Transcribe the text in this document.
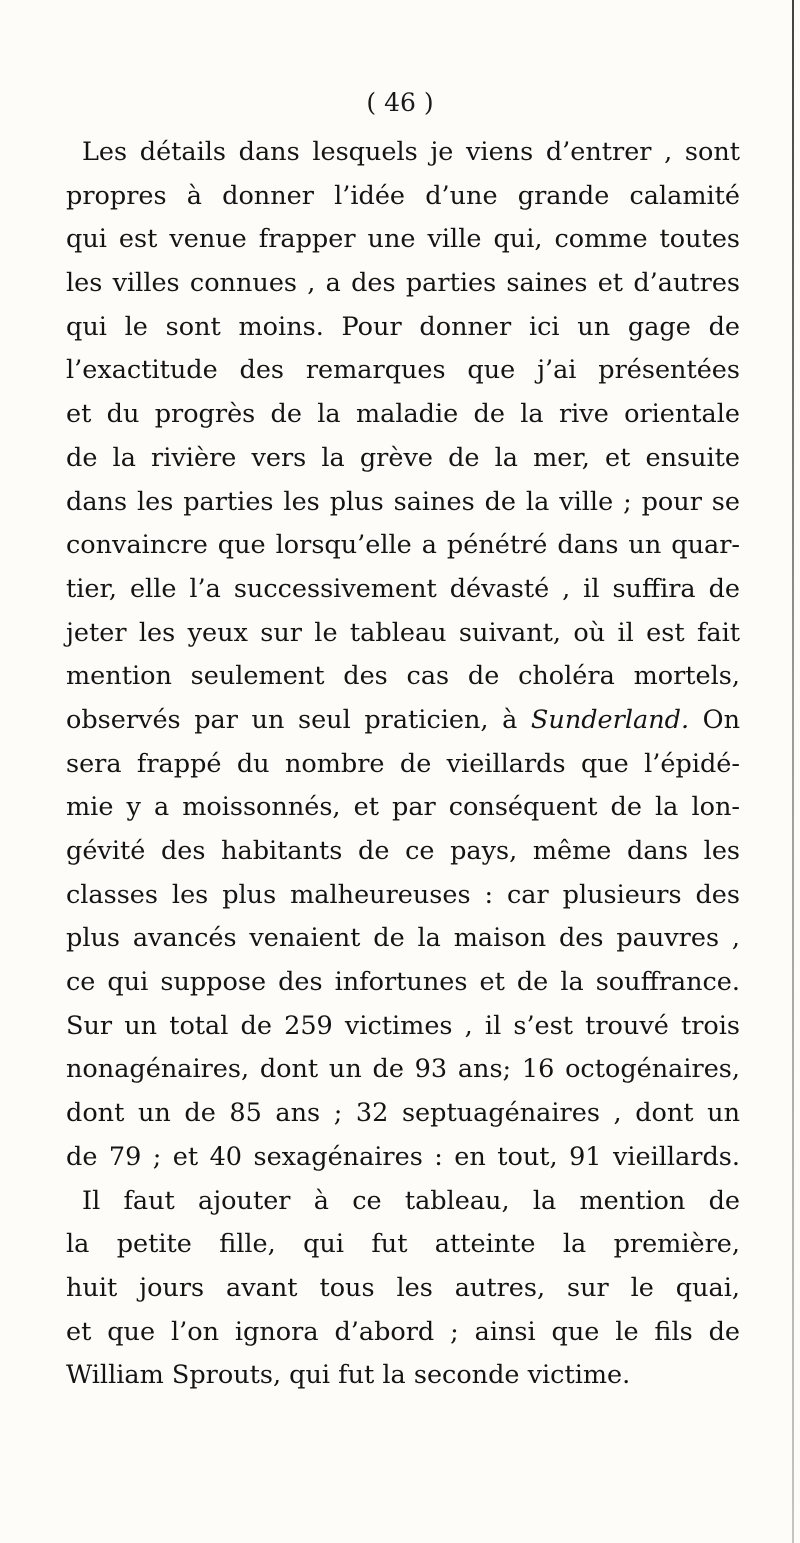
( 46 )
Les détails dans lesquels je viens d’entrer , sont
propres à donner l’idée d’une grande calamité
qui est venue frapper une ville qui, comme toutes
les villes connues , a des parties saines et d’autres
qui le sont moins. Pour donner ici un gage de
l’exactitude des remarques que j’ai présentées
et du progrès de la maladie de la rive orientale
de la rivière vers la grève de la mer, et ensuite
dans les parties les plus saines de la ville ; pour se
convaincre que lorsqu’elle a pénétré dans un quar-
tier, elle l’a successivement dévasté , il suffira de
jeter les yeux sur le tableau suivant, où il est fait
mention seulement des cas de choléra mortels,
observés par un seul praticien, à Sunderland. On
sera frappé du nombre de vieillards que l’épidé-
mie y a moissonnés, et par conséquent de la lon-
gévité des habitants de ce pays, même dans les
classes les plus malheureuses : car plusieurs des
plus avancés venaient de la maison des pauvres ,
ce qui suppose des infortunes et de la souffrance.
Sur un total de 259 victimes , il s’est trouvé trois
nonagénaires, dont un de 93 ans; 16 octogénaires,
dont un de 85 ans ; 32 septuagénaires , dont un
de 79 ; et 40 sexagénaires : en tout, 91 vieillards.
Il faut ajouter à ce tableau, la mention de
la petite fille, qui fut atteinte la première,
huit jours avant tous les autres, sur le quai,
et que l’on ignora d’abord ; ainsi que le fils de
William Sprouts, qui fut la seconde victime.
